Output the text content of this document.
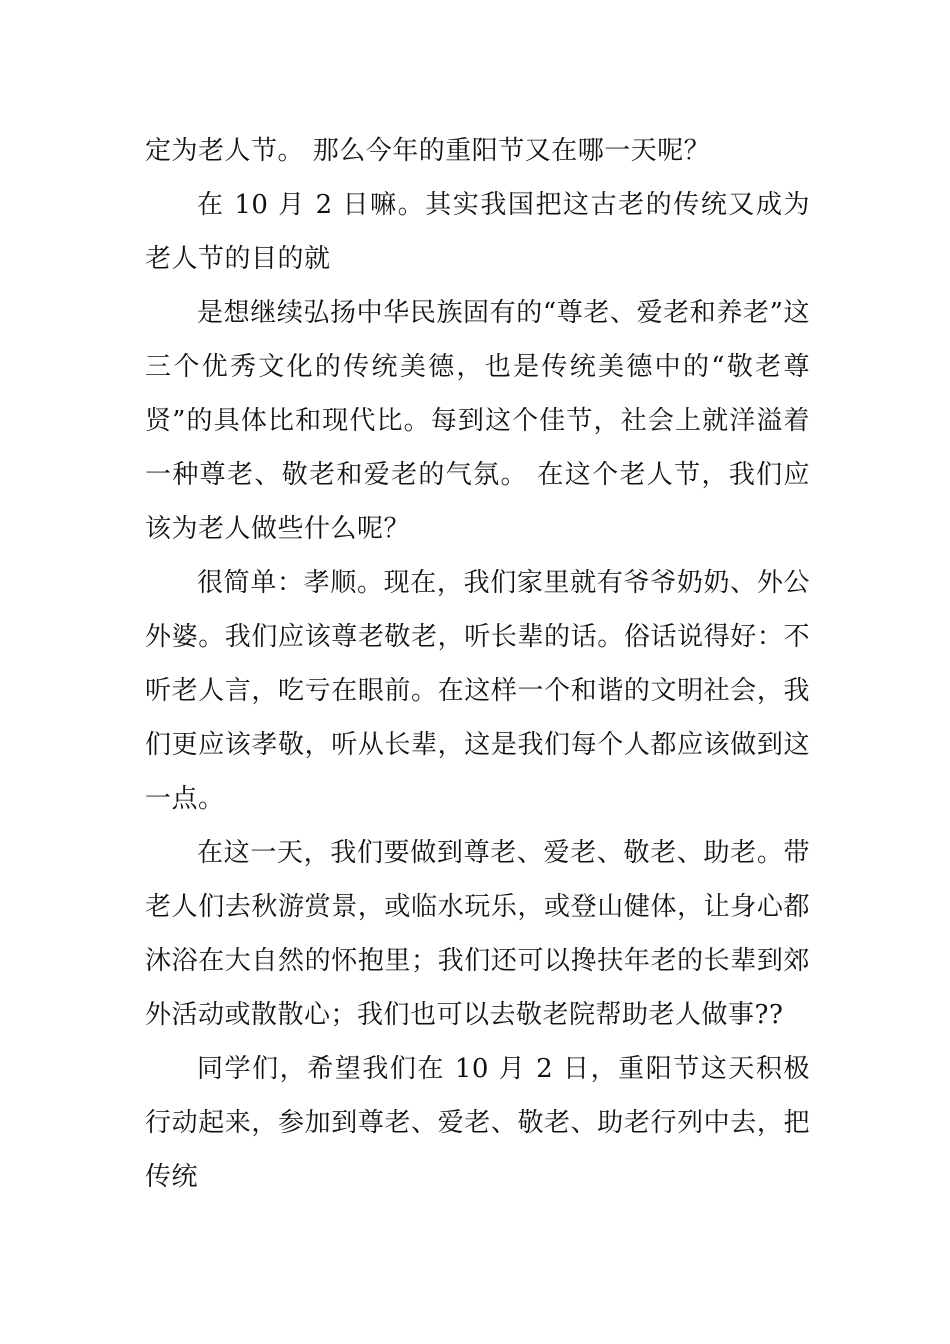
定为老人节。 那么今年的重阳节又在哪一天呢？

在 10 月 2 日嘛。其实我国把这古老的传统又成为老人节的目的就

是想继续弘扬中华民族固有的“尊老、爱老和养老”这三个优秀文化的传统美德，也是传统美德中的“敬老尊贤”的具体比和现代比。每到这个佳节，社会上就洋溢着一种尊老、敬老和爱老的气氛。 在这个老人节，我们应该为老人做些什么呢？

很简单：孝顺。现在，我们家里就有爷爷奶奶、外公外婆。我们应该尊老敬老，听长辈的话。俗话说得好：不听老人言，吃亏在眼前。在这样一个和谐的文明社会，我们更应该孝敬，听从长辈，这是我们每个人都应该做到这一点。

在这一天，我们要做到尊老、爱老、敬老、助老。带老人们去秋游赏景，或临水玩乐，或登山健体，让身心都沐浴在大自然的怀抱里；我们还可以搀扶年老的长辈到郊外活动或散散心；我们也可以去敬老院帮助老人做事??

同学们，希望我们在 10 月 2 日，重阳节这天积极行动起来，参加到尊老、爱老、敬老、助老行列中去，把传统
